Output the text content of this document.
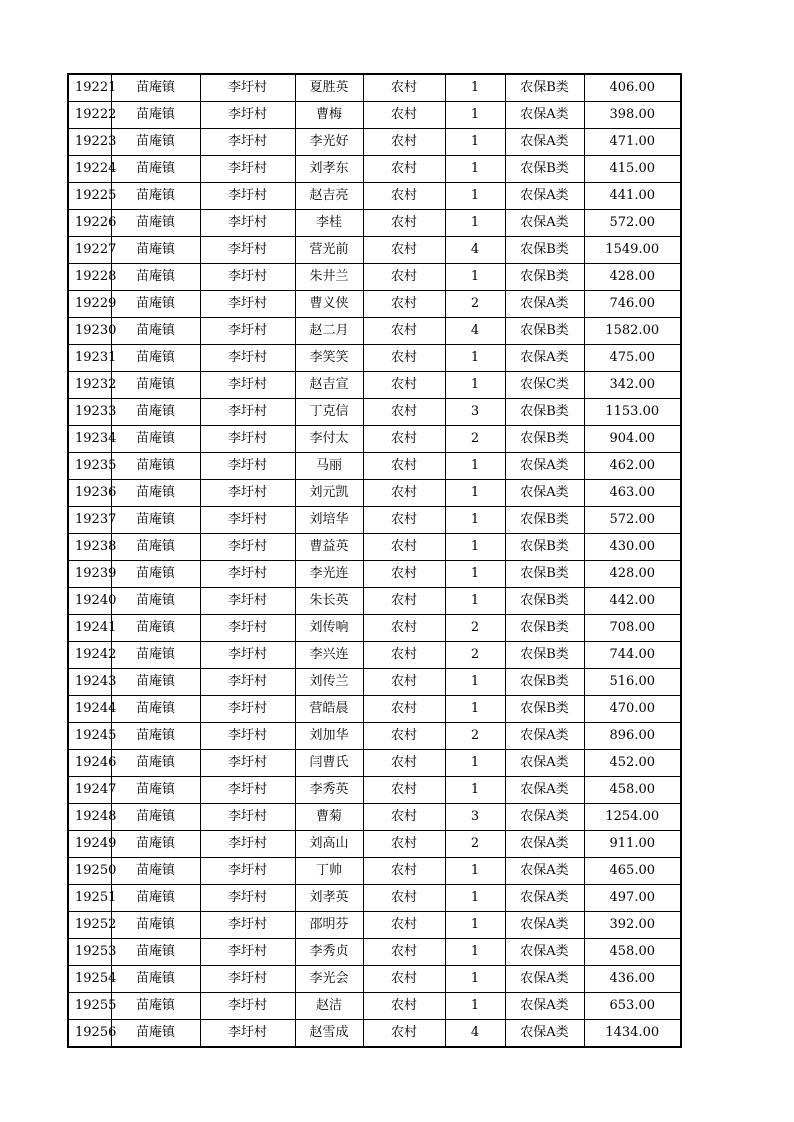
19221	苗庵镇	李圩村	夏胜英	农村	1	农保B类	406.00
19222	苗庵镇	李圩村	曹梅	农村	1	农保A类	398.00
19223	苗庵镇	李圩村	李光好	农村	1	农保A类	471.00
19224	苗庵镇	李圩村	刘孝东	农村	1	农保B类	415.00
19225	苗庵镇	李圩村	赵吉亮	农村	1	农保A类	441.00
19226	苗庵镇	李圩村	李桂	农村	1	农保A类	572.00
19227	苗庵镇	李圩村	营光前	农村	4	农保B类	1549.00
19228	苗庵镇	李圩村	朱井兰	农村	1	农保B类	428.00
19229	苗庵镇	李圩村	曹义侠	农村	2	农保A类	746.00
19230	苗庵镇	李圩村	赵二月	农村	4	农保B类	1582.00
19231	苗庵镇	李圩村	李笑笑	农村	1	农保A类	475.00
19232	苗庵镇	李圩村	赵吉宣	农村	1	农保C类	342.00
19233	苗庵镇	李圩村	丁克信	农村	3	农保B类	1153.00
19234	苗庵镇	李圩村	李付太	农村	2	农保B类	904.00
19235	苗庵镇	李圩村	马丽	农村	1	农保A类	462.00
19236	苗庵镇	李圩村	刘元凯	农村	1	农保A类	463.00
19237	苗庵镇	李圩村	刘培华	农村	1	农保B类	572.00
19238	苗庵镇	李圩村	曹益英	农村	1	农保B类	430.00
19239	苗庵镇	李圩村	李光连	农村	1	农保B类	428.00
19240	苗庵镇	李圩村	朱长英	农村	1	农保B类	442.00
19241	苗庵镇	李圩村	刘传响	农村	2	农保B类	708.00
19242	苗庵镇	李圩村	李兴连	农村	2	农保B类	744.00
19243	苗庵镇	李圩村	刘传兰	农村	1	农保B类	516.00
19244	苗庵镇	李圩村	营皓晨	农村	1	农保B类	470.00
19245	苗庵镇	李圩村	刘加华	农村	2	农保A类	896.00
19246	苗庵镇	李圩村	闫曹氏	农村	1	农保A类	452.00
19247	苗庵镇	李圩村	李秀英	农村	1	农保A类	458.00
19248	苗庵镇	李圩村	曹菊	农村	3	农保A类	1254.00
19249	苗庵镇	李圩村	刘高山	农村	2	农保A类	911.00
19250	苗庵镇	李圩村	丁帅	农村	1	农保A类	465.00
19251	苗庵镇	李圩村	刘孝英	农村	1	农保A类	497.00
19252	苗庵镇	李圩村	邵明芬	农村	1	农保A类	392.00
19253	苗庵镇	李圩村	李秀贞	农村	1	农保A类	458.00
19254	苗庵镇	李圩村	李光会	农村	1	农保A类	436.00
19255	苗庵镇	李圩村	赵洁	农村	1	农保A类	653.00
19256	苗庵镇	李圩村	赵雪成	农村	4	农保A类	1434.00
